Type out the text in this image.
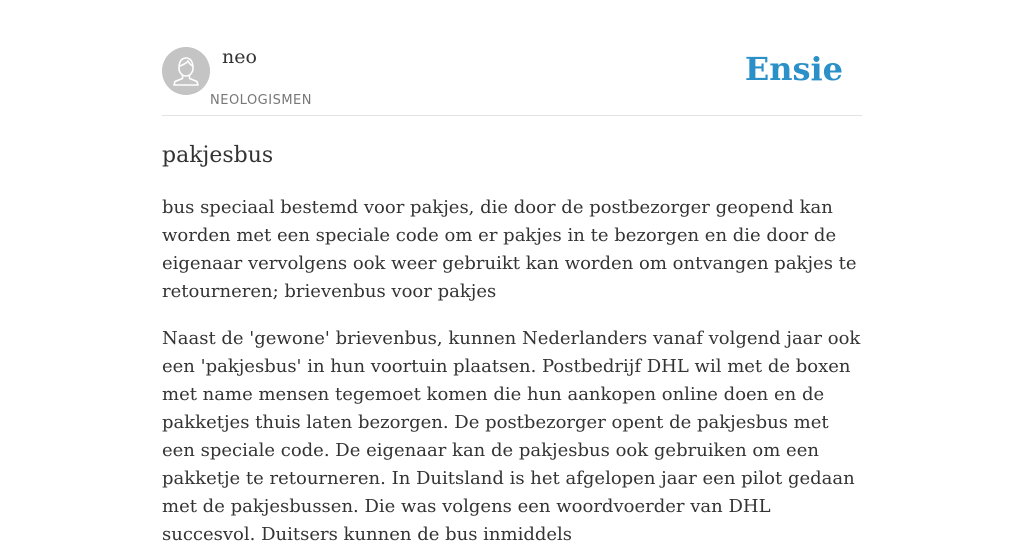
neo
NEOLOGISMEN
Ensie
pakjesbus

bus speciaal bestemd voor pakjes, die door de postbezorger geopend kan worden met een speciale code om er pakjes in te bezorgen en die door de eigenaar vervolgens ook weer gebruikt kan worden om ontvangen pakjes te retourneren; brievenbus voor pakjes

Naast de 'gewone' brievenbus, kunnen Nederlanders vanaf volgend jaar ook een 'pakjesbus' in hun voortuin plaatsen. Postbedrijf DHL wil met de boxen met name mensen tegemoet komen die hun aankopen online doen en de pakketjes thuis laten bezorgen. De postbezorger opent de pakjesbus met een speciale code. De eigenaar kan de pakjesbus ook gebruiken om een pakketje te retourneren. In Duitsland is het afgelopen jaar een pilot gedaan met de pakjesbussen. Die was volgens een woordvoerder van DHL succesvol. Duitsers kunnen de bus inmiddels
